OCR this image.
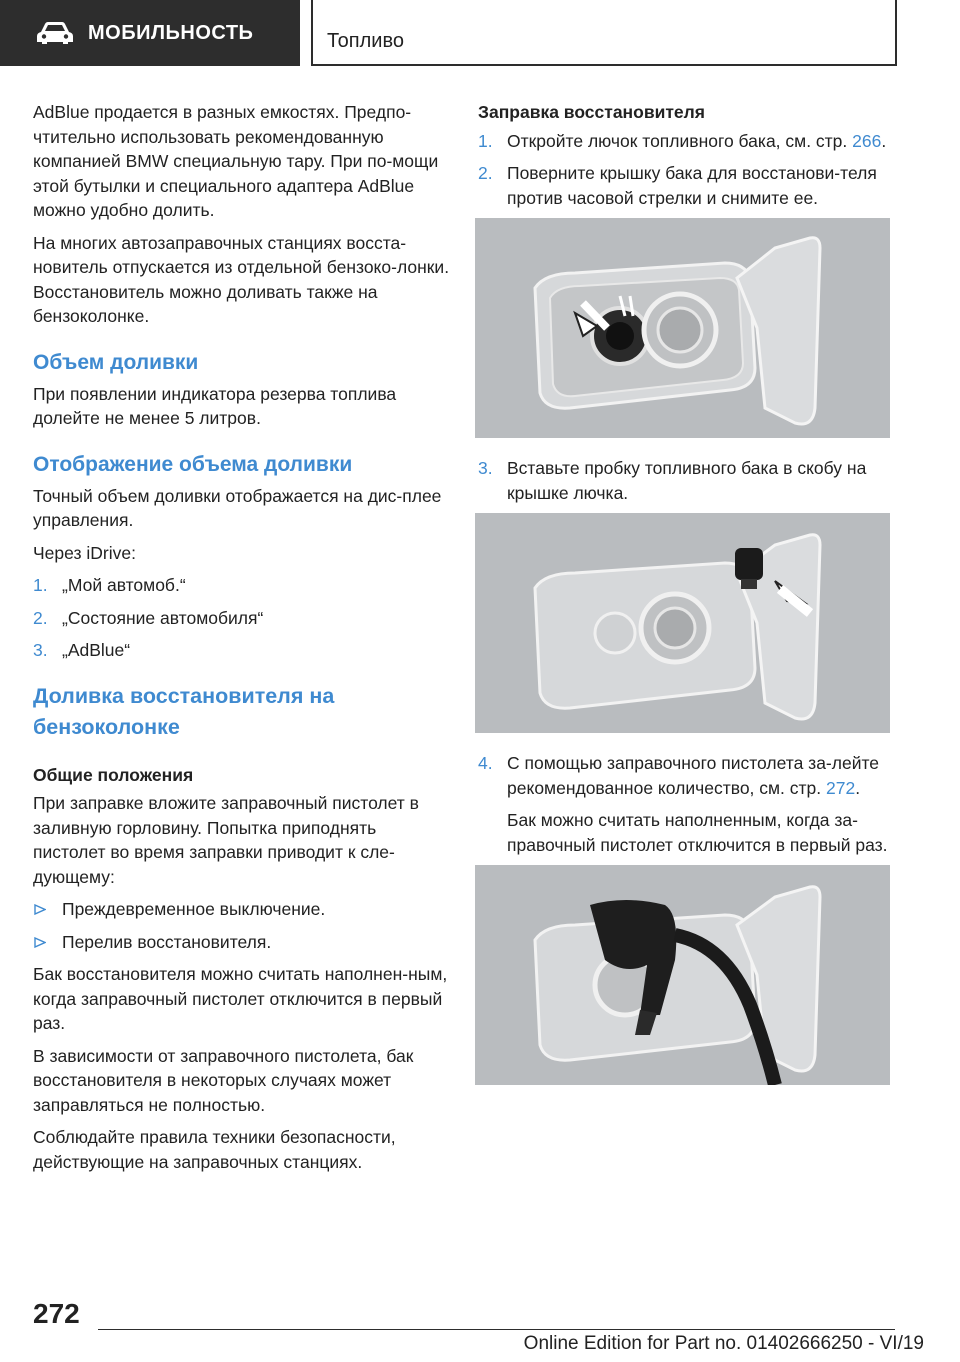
МОБИЛЬНОСТЬ	Топливо

AdBlue продается в разных емкостях. Предпо-чтительно использовать рекомендованную компанией BMW специальную тару. При по-мощи этой бутылки и специального адаптера AdBlue можно удобно долить.

На многих автозаправочных станциях восста-новитель отпускается из отдельной бензоко-лонки. Восстановитель можно доливать также на бензоколонке.

Объем доливки

При появлении индикатора резерва топлива долейте не менее 5 литров.

Отображение объема доливки

Точный объем доливки отображается на дис-плее управления.

Через iDrive:

1. „Мой автомоб.“
2. „Состояние автомобиля“
3. „AdBlue“
Доливка восстановителя на бензоколонке
Общие положения

При заправке вложите заправочный пистолет в заливную горловину. Попытка приподнять пистолет во время заправки приводит к сле-дующему:

Преждевременное выключение.
Перелив восстановителя.

Бак восстановителя можно считать наполнен-ным, когда заправочный пистолет отключится в первый раз.

В зависимости от заправочного пистолета, бак восстановителя в некоторых случаях может заправляться не полностью.

Соблюдайте правила техники безопасности, действующие на заправочных станциях.

Заправка восстановителя
1. Откройте лючок топливного бака, см. стр. 266.
2. Поверните крышку бака для восстанови-теля против часовой стрелки и снимите ее.
3. Вставьте пробку топливного бака в скобу на крышке лючка.
4. С помощью заправочного пистолета за-лейте рекомендованное количество, см. стр. 272.
Бак можно считать наполненным, когда за-правочный пистолет отключится в первый раз.
272
Online Edition for Part no. 01402666250 - VI/19
